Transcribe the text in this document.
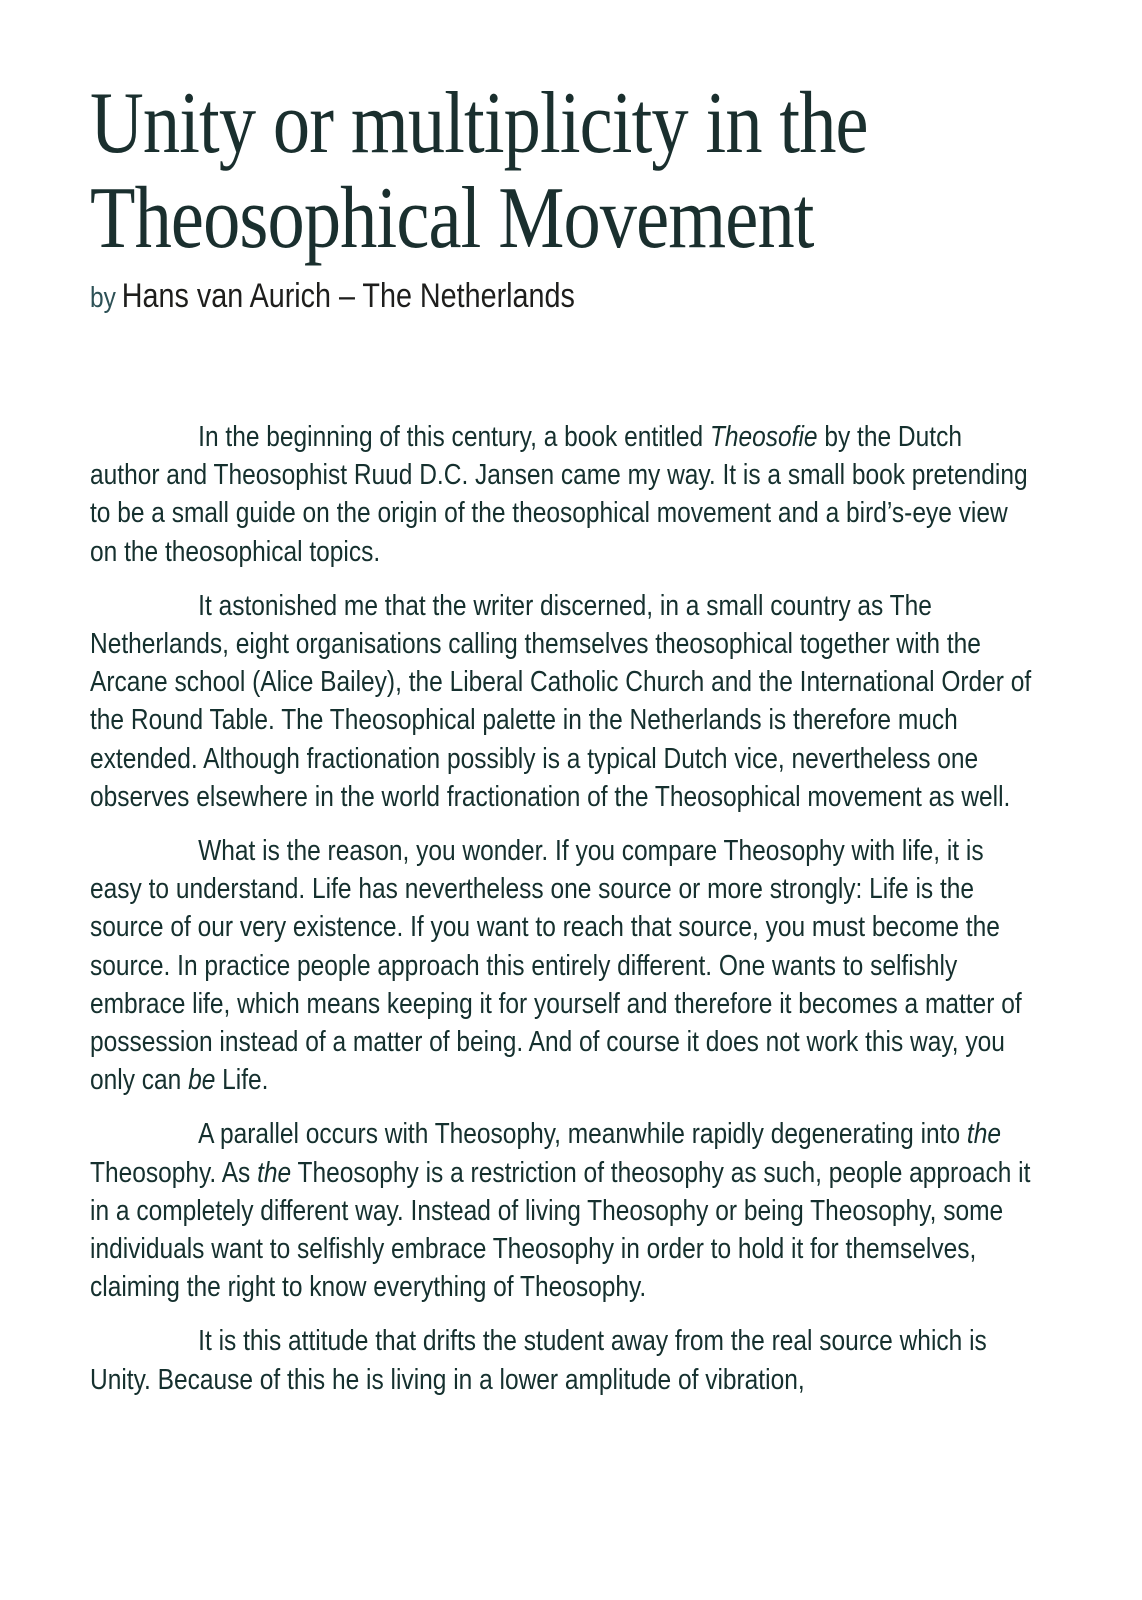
Unity or multiplicity in the
Theosophical Movement
by Hans van Aurich – The Netherlands

In the beginning of this century, a book entitled Theosofie by the Dutch author and Theosophist Ruud D.C. Jansen came my way. It is a small book pretending to be a small guide on the origin of the theosophical movement and a bird’s-eye view on the theosophical topics.

It astonished me that the writer discerned, in a small country as The Netherlands, eight organisations calling themselves theosophical together with the Arcane school (Alice Bailey), the Liberal Catholic Church and the International Order of the Round Table. The Theosophical palette in the Netherlands is therefore much extended. Although fractionation possibly is a typical Dutch vice, nevertheless one observes elsewhere in the world fractionation of the Theosophical movement as well.

What is the reason, you wonder. If you compare Theosophy with life, it is easy to understand. Life has nevertheless one source or more strongly: Life is the source of our very existence. If you want to reach that source, you must become the source. In practice people approach this entirely different. One wants to selfishly embrace life, which means keeping it for yourself and therefore it becomes a matter of possession instead of a matter of being. And of course it does not work this way, you only can be Life.

A parallel occurs with Theosophy, meanwhile rapidly degenerating into the Theosophy. As the Theosophy is a restriction of theosophy as such, people approach it in a completely different way. Instead of living Theosophy or being Theosophy, some individuals want to selfishly embrace Theosophy in order to hold it for themselves, claiming the right to know everything of Theosophy.

It is this attitude that drifts the student away from the real source which is Unity. Because of this he is living in a lower amplitude of vibration,
